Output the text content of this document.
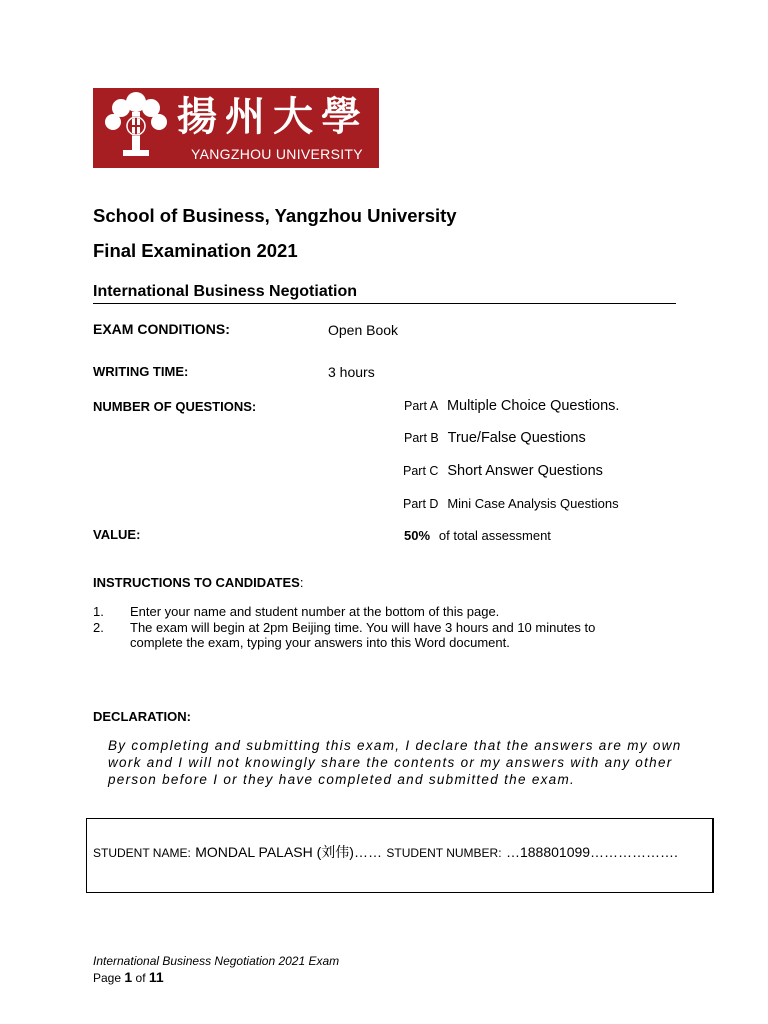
揚州大學
YANGZHOU UNIVERSITY
School of Business, Yangzhou University
Final Examination 2021
International Business Negotiation
EXAM CONDITIONS:	Open Book
WRITING TIME:	3 hours
NUMBER OF QUESTIONS:	Part A Multiple Choice Questions.
Part B True/False Questions
Part C Short Answer Questions
Part D Mini Case Analysis Questions
VALUE:	50% of total assessment
INSTRUCTIONS TO CANDIDATES:
1. Enter your name and student number at the bottom of this page.
2. The exam will begin at 2pm Beijing time. You will have 3 hours and 10 minutes to
complete the exam, typing your answers into this Word document.
DECLARATION:
By completing and submitting this exam, I declare that the answers are my own
work and I will not knowingly share the contents or my answers with any other
person before I or they have completed and submitted the exam.
STUDENT NAME: MONDAL PALASH (刘伟)…… STUDENT NUMBER: …188801099……………….
International Business Negotiation 2021 Exam
Page 1 of 11
